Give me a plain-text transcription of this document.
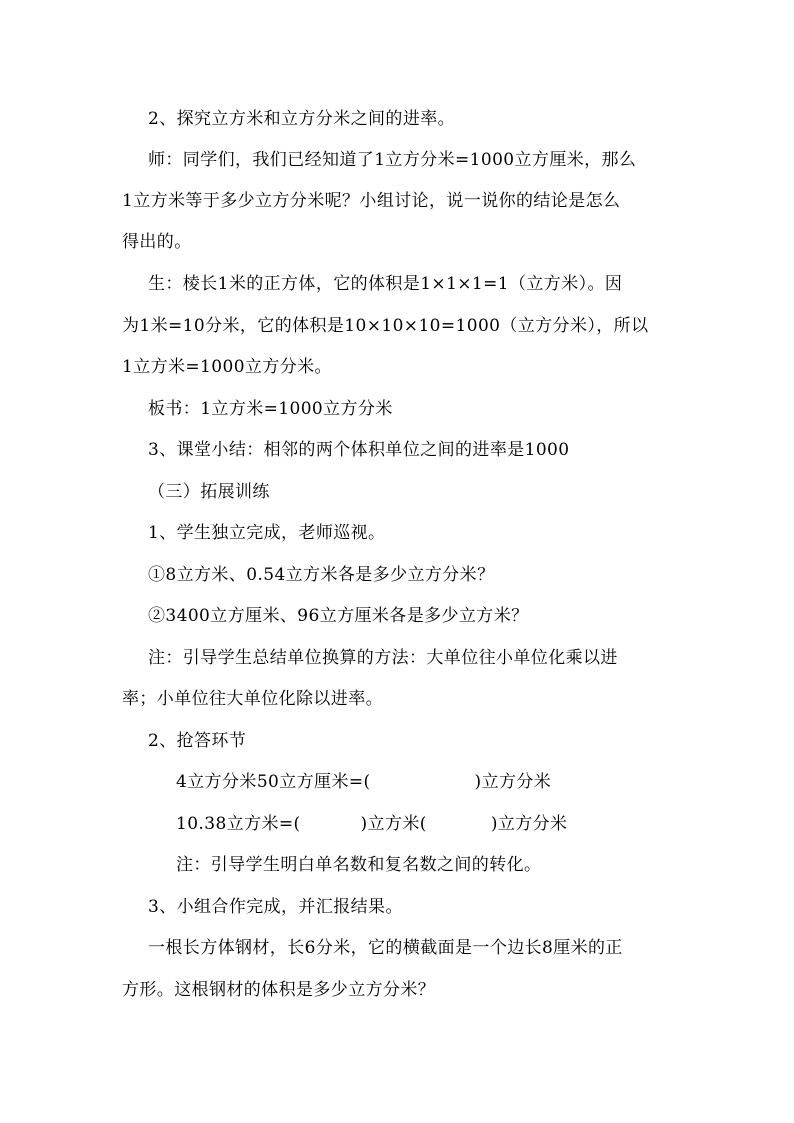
2、探究立方米和立方分米之间的进率。
师：同学们，我们已经知道了1立方分米=1000立方厘米，那么
1立方米等于多少立方分米呢？小组讨论，说一说你的结论是怎么
得出的。
生：棱长1米的正方体，它的体积是1×1×1=1（立方米）。因
为1米=10分米，它的体积是10×10×10=1000（立方分米），所以
1立方米=1000立方分米。
板书：1立方米=1000立方分米
3、课堂小结：相邻的两个体积单位之间的进率是1000
（三）拓展训练
1、学生独立完成，老师巡视。
①8立方米、0.54立方米各是多少立方分米？
②3400立方厘米、96立方厘米各是多少立方米？
注：引导学生总结单位换算的方法：大单位往小单位化乘以进
率；小单位往大单位化除以进率。
2、抢答环节
4立方分米50立方厘米=(	)立方分米
10.38立方米=(	)立方米(	)立方分米
注：引导学生明白单名数和复名数之间的转化。
3、小组合作完成，并汇报结果。
一根长方体钢材，长6分米，它的横截面是一个边长8厘米的正
方形。这根钢材的体积是多少立方分米？
